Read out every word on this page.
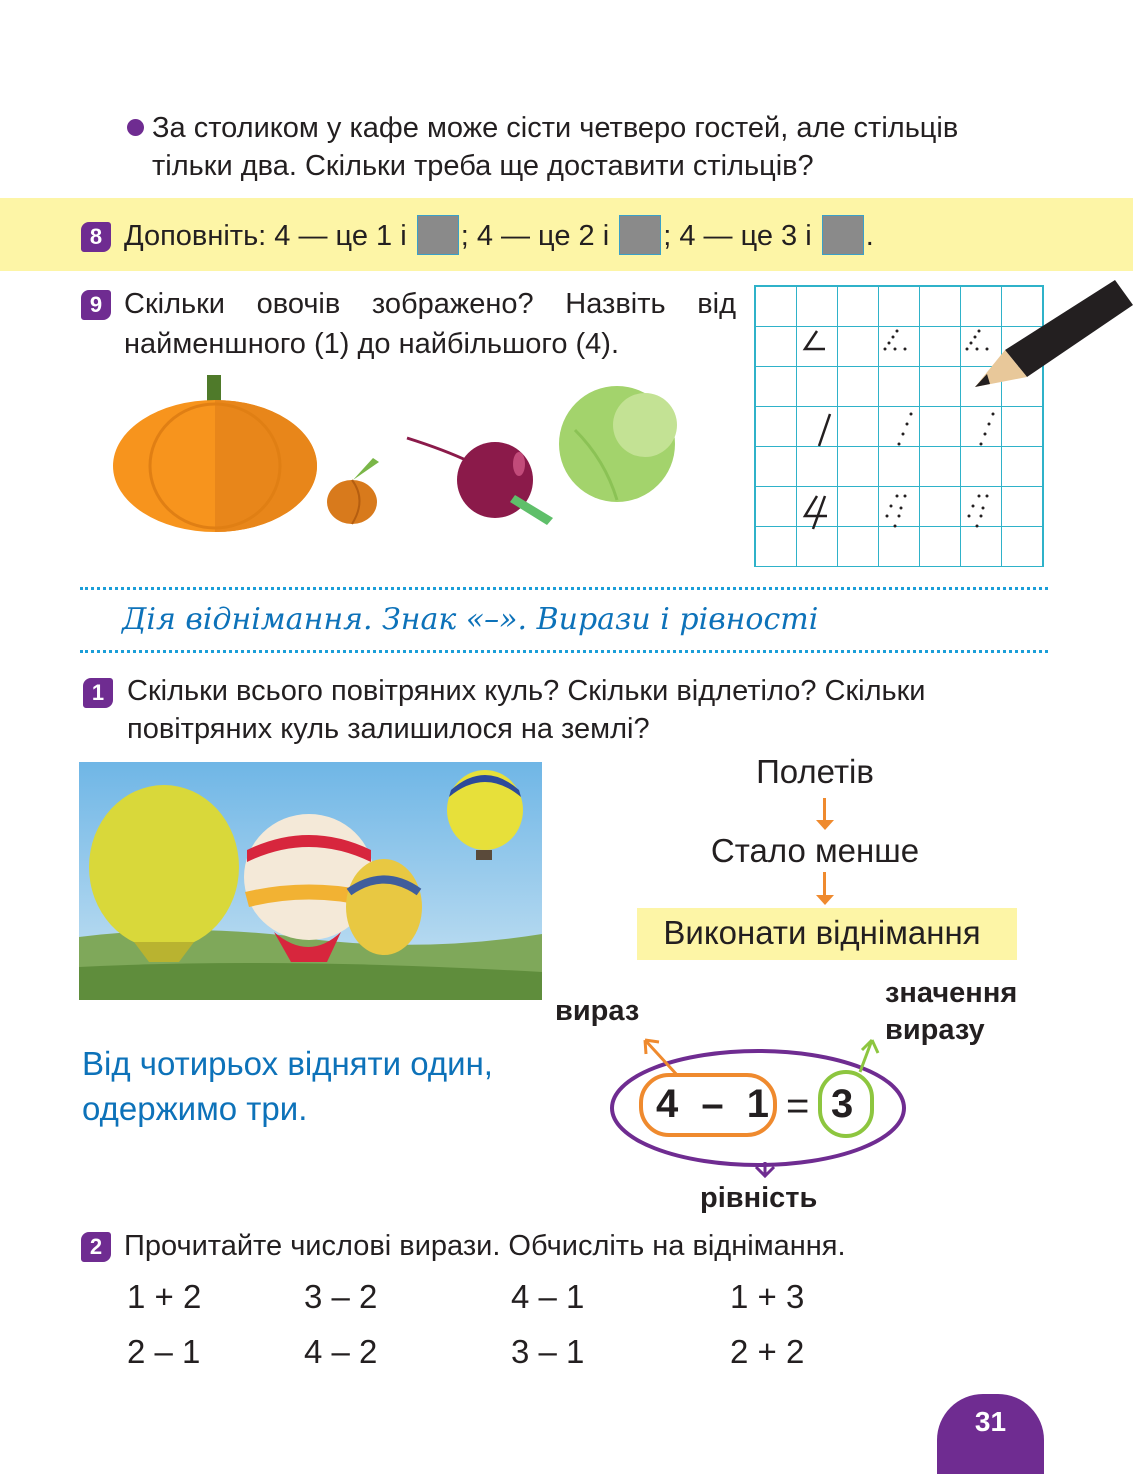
За столиком у кафе може сісти четверо гостей, але стільців
тільки два. Скільки треба ще доставити стільців?
8 Доповніть: 4 — це 1 і ; 4 — це 2 і ; 4 — це 3 і .
9 Скільки овочів зображено? Назвіть від
найменшного (1) до найбільшого (4).
Дія віднімання. Знак «–». Вирази і рівності
1 Скільки всього повітряних куль? Скільки відлетіло? Скільки
повітряних куль залишилося на землі?
Полетів
Стало менше
Виконати віднімання
Від чотирьох відняти один,
одержимо три.
вираз
значення
виразу
4 – 1 = 3
рівність
2 Прочитайте числові вирази. Обчисліть на віднімання.
1 + 2	3 – 2	4 – 1	1 + 3
2 – 1	4 – 2	3 – 1	2 + 2
31
